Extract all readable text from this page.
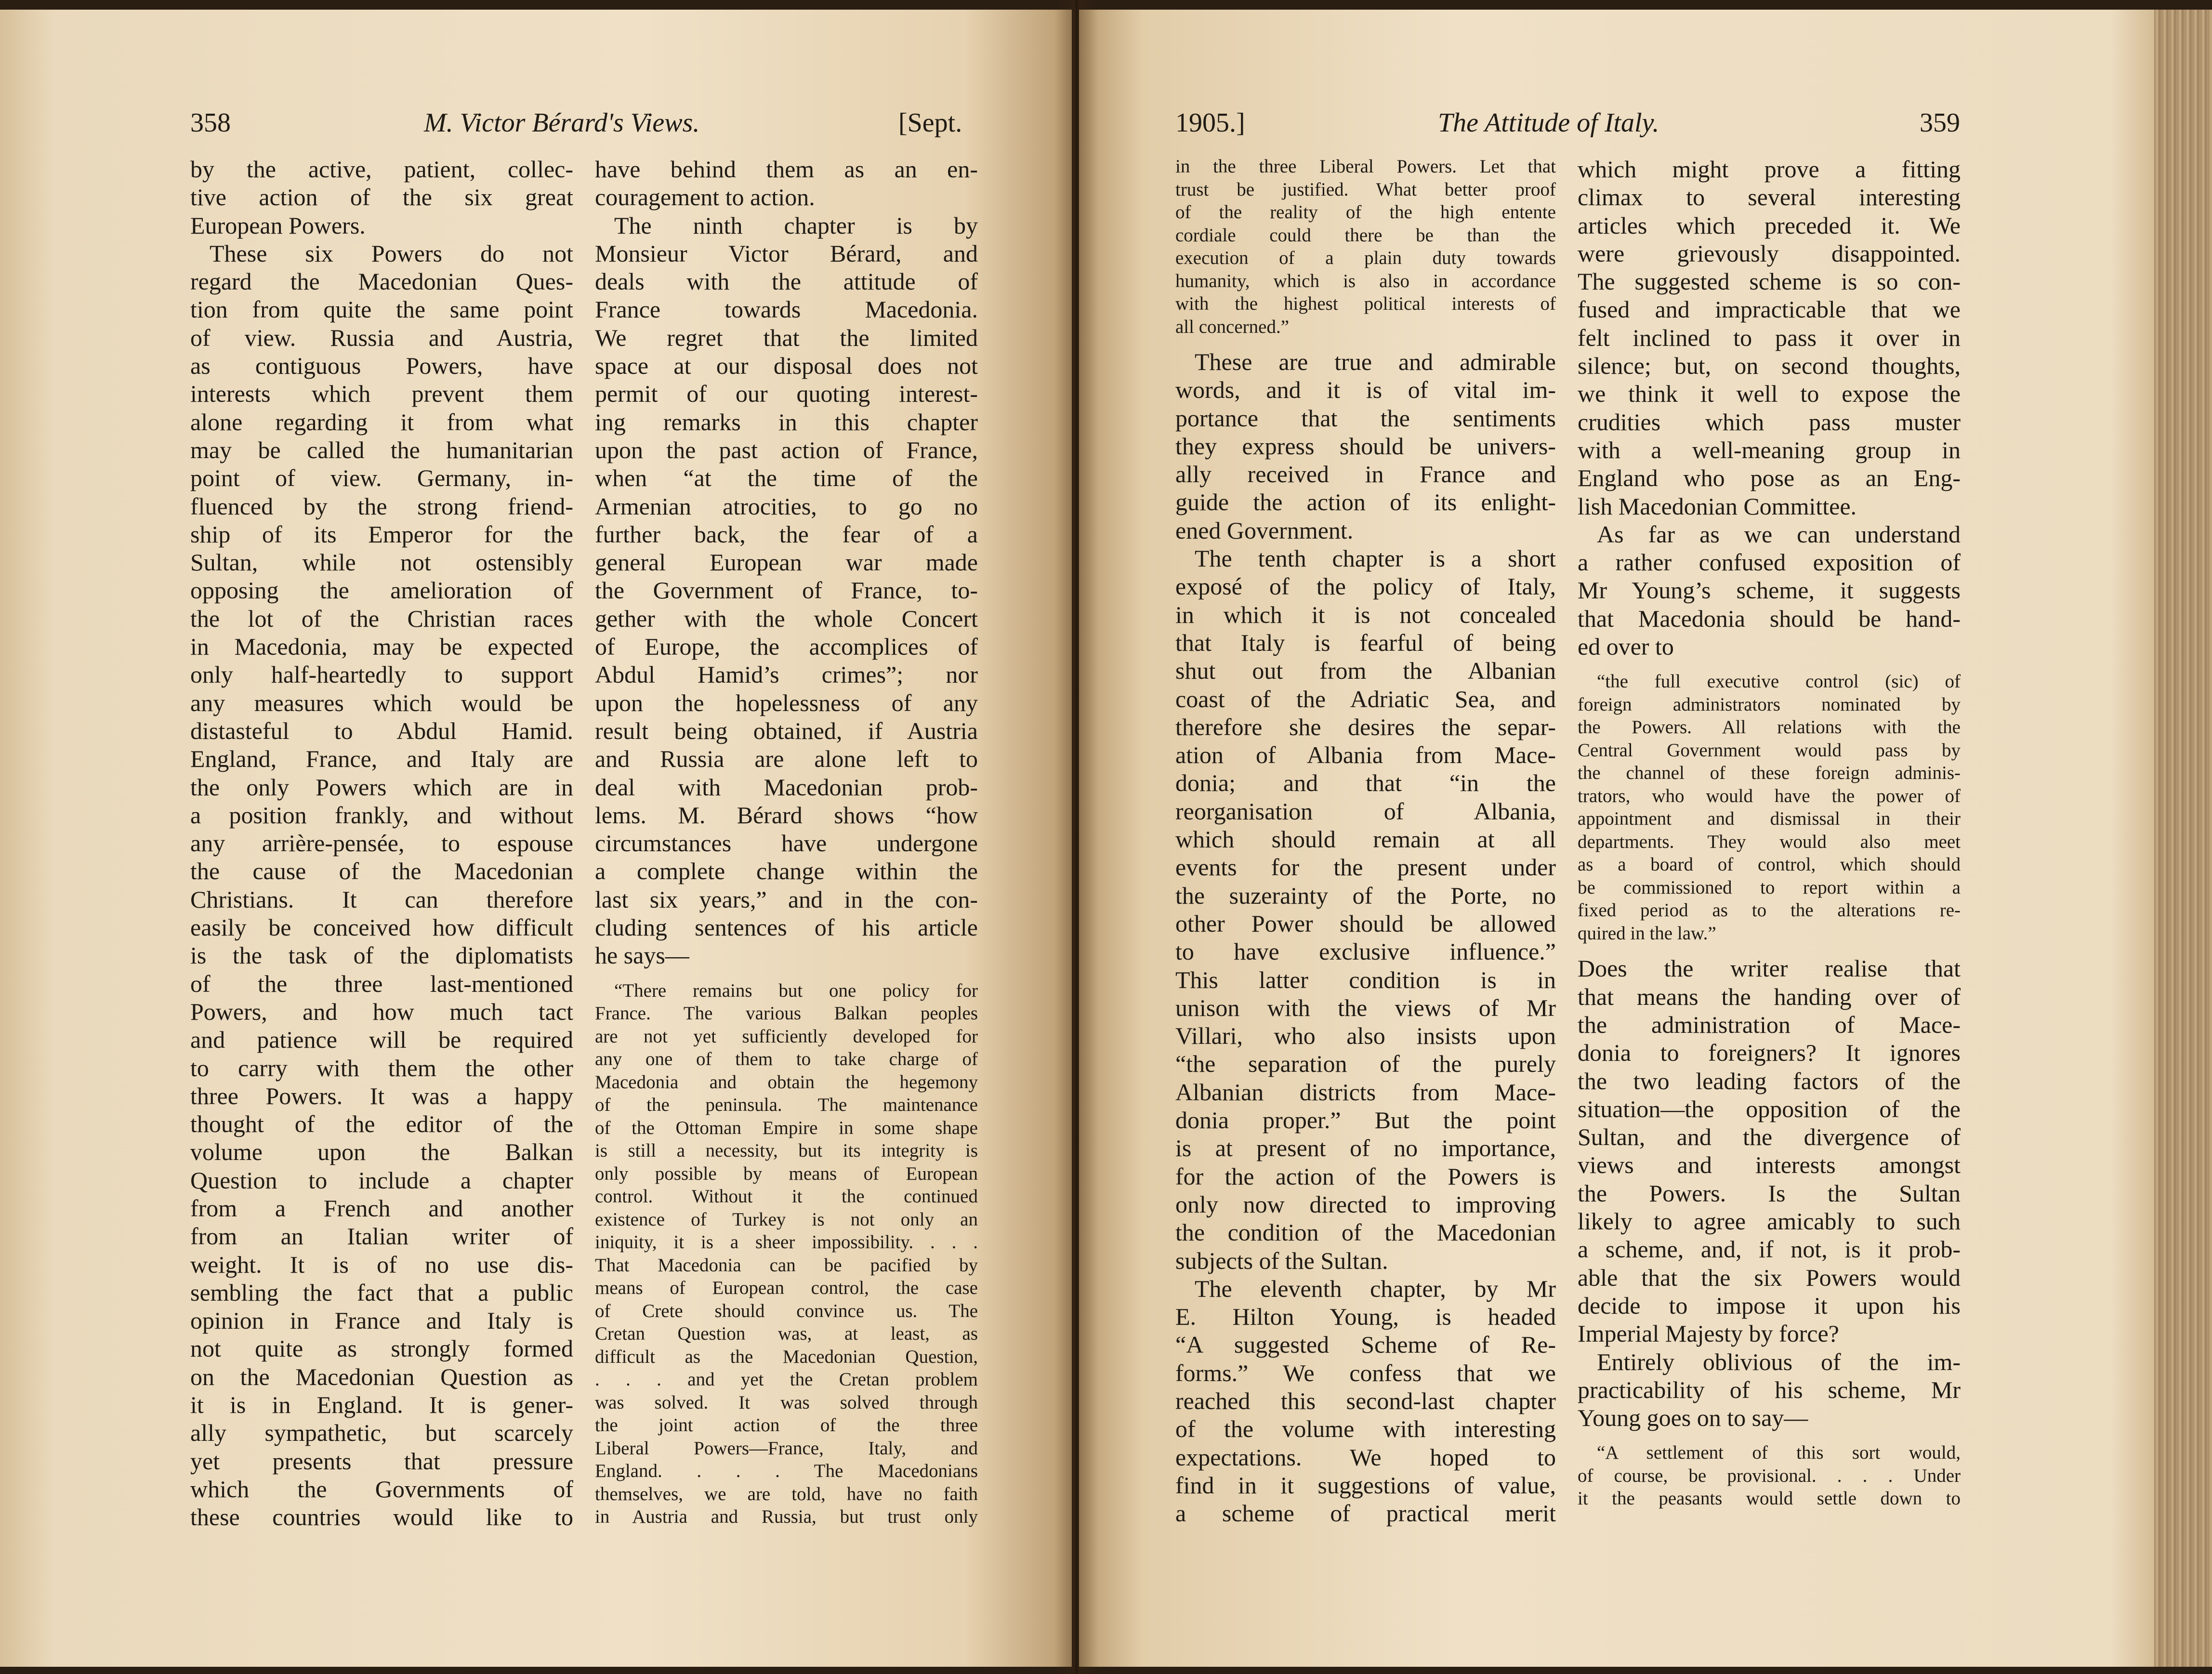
358	M. Victor Bérard's Views.	[Sept.	1905.]	The Attitude of Italy.	359
by the active, patient, collec-
tive action of the six great
European Powers.
These six Powers do not
regard the Macedonian Ques-
tion from quite the same point
of view. Russia and Austria,
as contiguous Powers, have
interests which prevent them
alone regarding it from what
may be called the humanitarian
point of view. Germany, in-
fluenced by the strong friend-
ship of its Emperor for the
Sultan, while not ostensibly
opposing the amelioration of
the lot of the Christian races
in Macedonia, may be expected
only half-heartedly to support
any measures which would be
distasteful to Abdul Hamid.
England, France, and Italy are
the only Powers which are in
a position frankly, and without
any arrière-pensée, to espouse
the cause of the Macedonian
Christians. It can therefore
easily be conceived how difficult
is the task of the diplomatists
of the three last-mentioned
Powers, and how much tact
and patience will be required
to carry with them the other
three Powers. It was a happy
thought of the editor of the
volume upon the Balkan
Question to include a chapter
from a French and another
from an Italian writer of
weight. It is of no use dis-
sembling the fact that a public
opinion in France and Italy is
not quite as strongly formed
on the Macedonian Question as
it is in England. It is gener-
ally sympathetic, but scarcely
yet presents that pressure
which the Governments of
these countries would like to
have behind them as an en-
couragement to action.
The ninth chapter is by
Monsieur Victor Bérard, and
deals with the attitude of
France towards Macedonia.
We regret that the limited
space at our disposal does not
permit of our quoting interest-
ing remarks in this chapter
upon the past action of France,
when “at the time of the
Armenian atrocities, to go no
further back, the fear of a
general European war made
the Government of France, to-
gether with the whole Concert
of Europe, the accomplices of
Abdul Hamid’s crimes”; nor
upon the hopelessness of any
result being obtained, if Austria
and Russia are alone left to
deal with Macedonian prob-
lems. M. Bérard shows “how
circumstances have undergone
a complete change within the
last six years,” and in the con-
cluding sentences of his article
he says—
“There remains but one policy for
France. The various Balkan peoples
are not yet sufficiently developed for
any one of them to take charge of
Macedonia and obtain the hegemony
of the peninsula. The maintenance
of the Ottoman Empire in some shape
is still a necessity, but its integrity is
only possible by means of European
control. Without it the continued
existence of Turkey is not only an
iniquity, it is a sheer impossibility. . . .
That Macedonia can be pacified by
means of European control, the case
of Crete should convince us. The
Cretan Question was, at least, as
difficult as the Macedonian Question,
. . . and yet the Cretan problem
was solved. It was solved through
the joint action of the three
Liberal Powers—France, Italy, and
England. . . . The Macedonians
themselves, we are told, have no faith
in Austria and Russia, but trust only
in the three Liberal Powers. Let that
trust be justified. What better proof
of the reality of the high entente
cordiale could there be than the
execution of a plain duty towards
humanity, which is also in accordance
with the highest political interests of
all concerned.”
These are true and admirable
words, and it is of vital im-
portance that the sentiments
they express should be univers-
ally received in France and
guide the action of its enlight-
ened Government.
The tenth chapter is a short
exposé of the policy of Italy,
in which it is not concealed
that Italy is fearful of being
shut out from the Albanian
coast of the Adriatic Sea, and
therefore she desires the separ-
ation of Albania from Mace-
donia; and that “in the
reorganisation of Albania,
which should remain at all
events for the present under
the suzerainty of the Porte, no
other Power should be allowed
to have exclusive influence.”
This latter condition is in
unison with the views of Mr
Villari, who also insists upon
“the separation of the purely
Albanian districts from Mace-
donia proper.” But the point
is at present of no importance,
for the action of the Powers is
only now directed to improving
the condition of the Macedonian
subjects of the Sultan.
The eleventh chapter, by Mr
E. Hilton Young, is headed
“A suggested Scheme of Re-
forms.” We confess that we
reached this second-last chapter
of the volume with interesting
expectations. We hoped to
find in it suggestions of value,
a scheme of practical merit
which might prove a fitting
climax to several interesting
articles which preceded it. We
were grievously disappointed.
The suggested scheme is so con-
fused and impracticable that we
felt inclined to pass it over in
silence; but, on second thoughts,
we think it well to expose the
crudities which pass muster
with a well-meaning group in
England who pose as an Eng-
lish Macedonian Committee.
As far as we can understand
a rather confused exposition of
Mr Young’s scheme, it suggests
that Macedonia should be hand-
ed over to
“the full executive control (sic) of
foreign administrators nominated by
the Powers. All relations with the
Central Government would pass by
the channel of these foreign adminis-
trators, who would have the power of
appointment and dismissal in their
departments. They would also meet
as a board of control, which should
be commissioned to report within a
fixed period as to the alterations re-
quired in the law.”
Does the writer realise that
that means the handing over of
the administration of Mace-
donia to foreigners? It ignores
the two leading factors of the
situation—the opposition of the
Sultan, and the divergence of
views and interests amongst
the Powers. Is the Sultan
likely to agree amicably to such
a scheme, and, if not, is it prob-
able that the six Powers would
decide to impose it upon his
Imperial Majesty by force?
Entirely oblivious of the im-
practicability of his scheme, Mr
Young goes on to say—
“A settlement of this sort would,
of course, be provisional. . . . Under
it the peasants would settle down to
